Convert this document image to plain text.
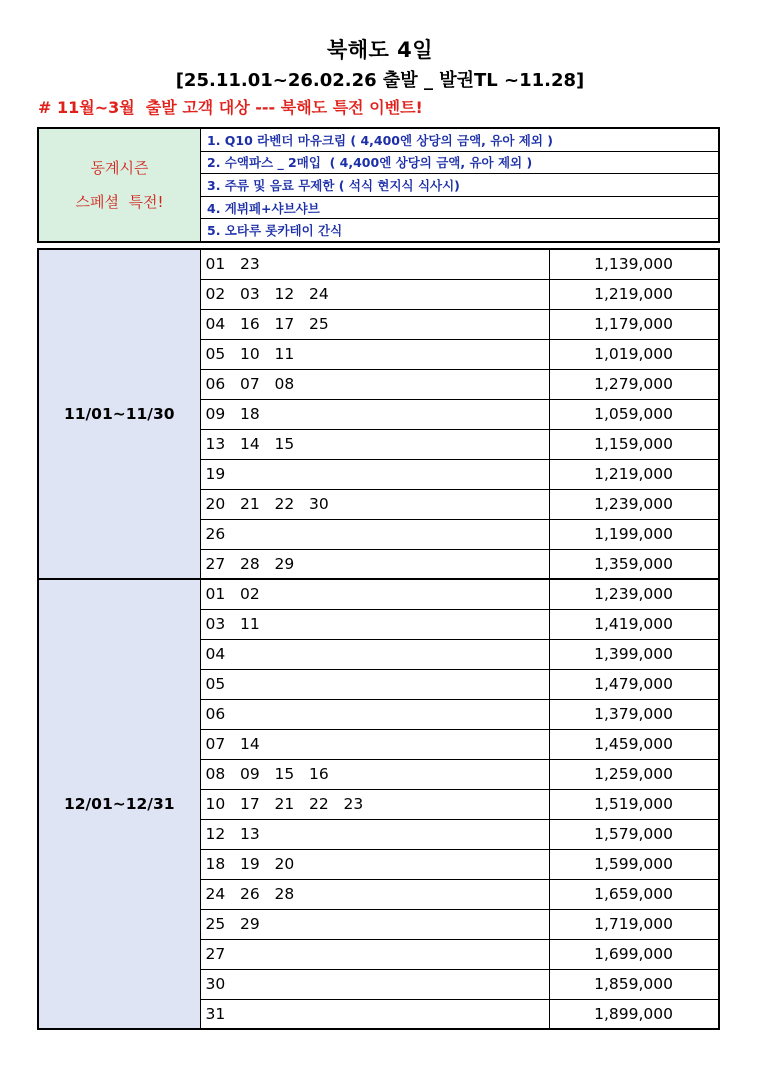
북해도 4일
[25.11.01~26.02.26 출발 _ 발권TL ~11.28]
# 11월~3월  출발 고객 대상 --- 북해도 특전 이벤트!
동계시즌
스페셜  특전!
1. Q10 라벤더 마유크림 ( 4,400엔 상당의 금액, 유아 제외 )
2. 수액파스 _ 2매입  ( 4,400엔 상당의 금액, 유아 제외 )
3. 주류 및 음료 무제한 ( 석식 현지식 식사시)
4. 게뷔페+샤브샤브
5. 오타루 롯카테이 간식
11/01~11/30	01   23	1,139,000
	02   03   12   24	1,219,000
	04   16   17   25	1,179,000
	05   10   11	1,019,000
	06   07   08	1,279,000
	09   18	1,059,000
	13   14   15	1,159,000
	19	1,219,000
	20   21   22   30	1,239,000
	26	1,199,000
	27   28   29	1,359,000
12/01~12/31	01   02	1,239,000
	03   11	1,419,000
	04	1,399,000
	05	1,479,000
	06	1,379,000
	07   14	1,459,000
	08   09   15   16	1,259,000
	10   17   21   22   23	1,519,000
	12   13	1,579,000
	18   19   20	1,599,000
	24   26   28	1,659,000
	25   29	1,719,000
	27	1,699,000
	30	1,859,000
	31	1,899,000
